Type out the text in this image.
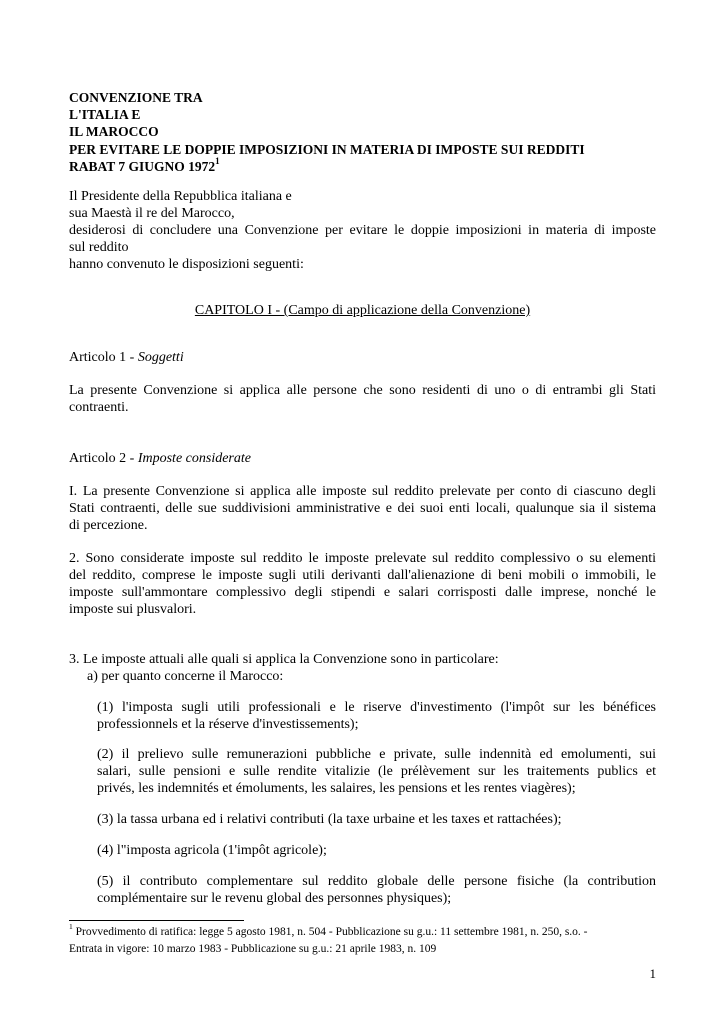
CONVENZIONE TRA
L'ITALIA E
IL MAROCCO
PER EVITARE LE DOPPIE IMPOSIZIONI IN MATERIA DI IMPOSTE SUI REDDITI
RABAT 7 GIUGNO 1972$^1$
Il Presidente della Repubblica italiana e
sua Maestà il re del Marocco,
desiderosi di concludere una Convenzione per evitare le doppie imposizioni in materia di imposte
sul reddito
hanno convenuto le disposizioni seguenti:
CAPITOLO I - (Campo di applicazione della Convenzione)
Articolo 1 - Soggetti
La presente Convenzione si applica alle persone che sono residenti di uno o di entrambi gli Stati
contraenti.
Articolo 2 - Imposte considerate
I. La presente Convenzione si applica alle imposte sul reddito prelevate per conto di ciascuno degli
Stati contraenti, delle sue suddivisioni amministrative e dei suoi enti locali, qualunque sia il sistema
di percezione.
2. Sono considerate imposte sul reddito le imposte prelevate sul reddito complessivo o su elementi
del reddito, comprese le imposte sugli utili derivanti dall'alienazione di beni mobili o immobili, le
imposte sull'ammontare complessivo degli stipendi e salari corrisposti dalle imprese, nonché le
imposte sui plusvalori.
3. Le imposte attuali alle quali si applica la Convenzione sono in particolare:
a) per quanto concerne il Marocco:
(1) l'imposta sugli utili professionali e le riserve d'investimento (l'impôt sur les bénéfices
professionnels et la réserve d'investissements);
(2) il prelievo sulle remunerazioni pubbliche e private, sulle indennità ed emolumenti, sui
salari, sulle pensioni e sulle rendite vitalizie (le prélèvement sur les traitements publics et
privés, les indemnités et émoluments, les salaires, les pensions et les rentes viagères);
(3) la tassa urbana ed i relativi contributi (la taxe urbaine et les taxes et rattachées);
(4) l"imposta agricola (1'impôt agricole);
(5) il contributo complementare sul reddito globale delle persone fisiche (la contribution
complémentaire sur le revenu global des personnes physiques);
$^1$ Provvedimento di ratifica: legge 5 agosto 1981, n. 504 - Pubblicazione su g.u.: 11 settembre 1981, n. 250, s.o. -
Entrata in vigore: 10 marzo 1983 - Pubblicazione su g.u.: 21 aprile 1983, n. 109
1
